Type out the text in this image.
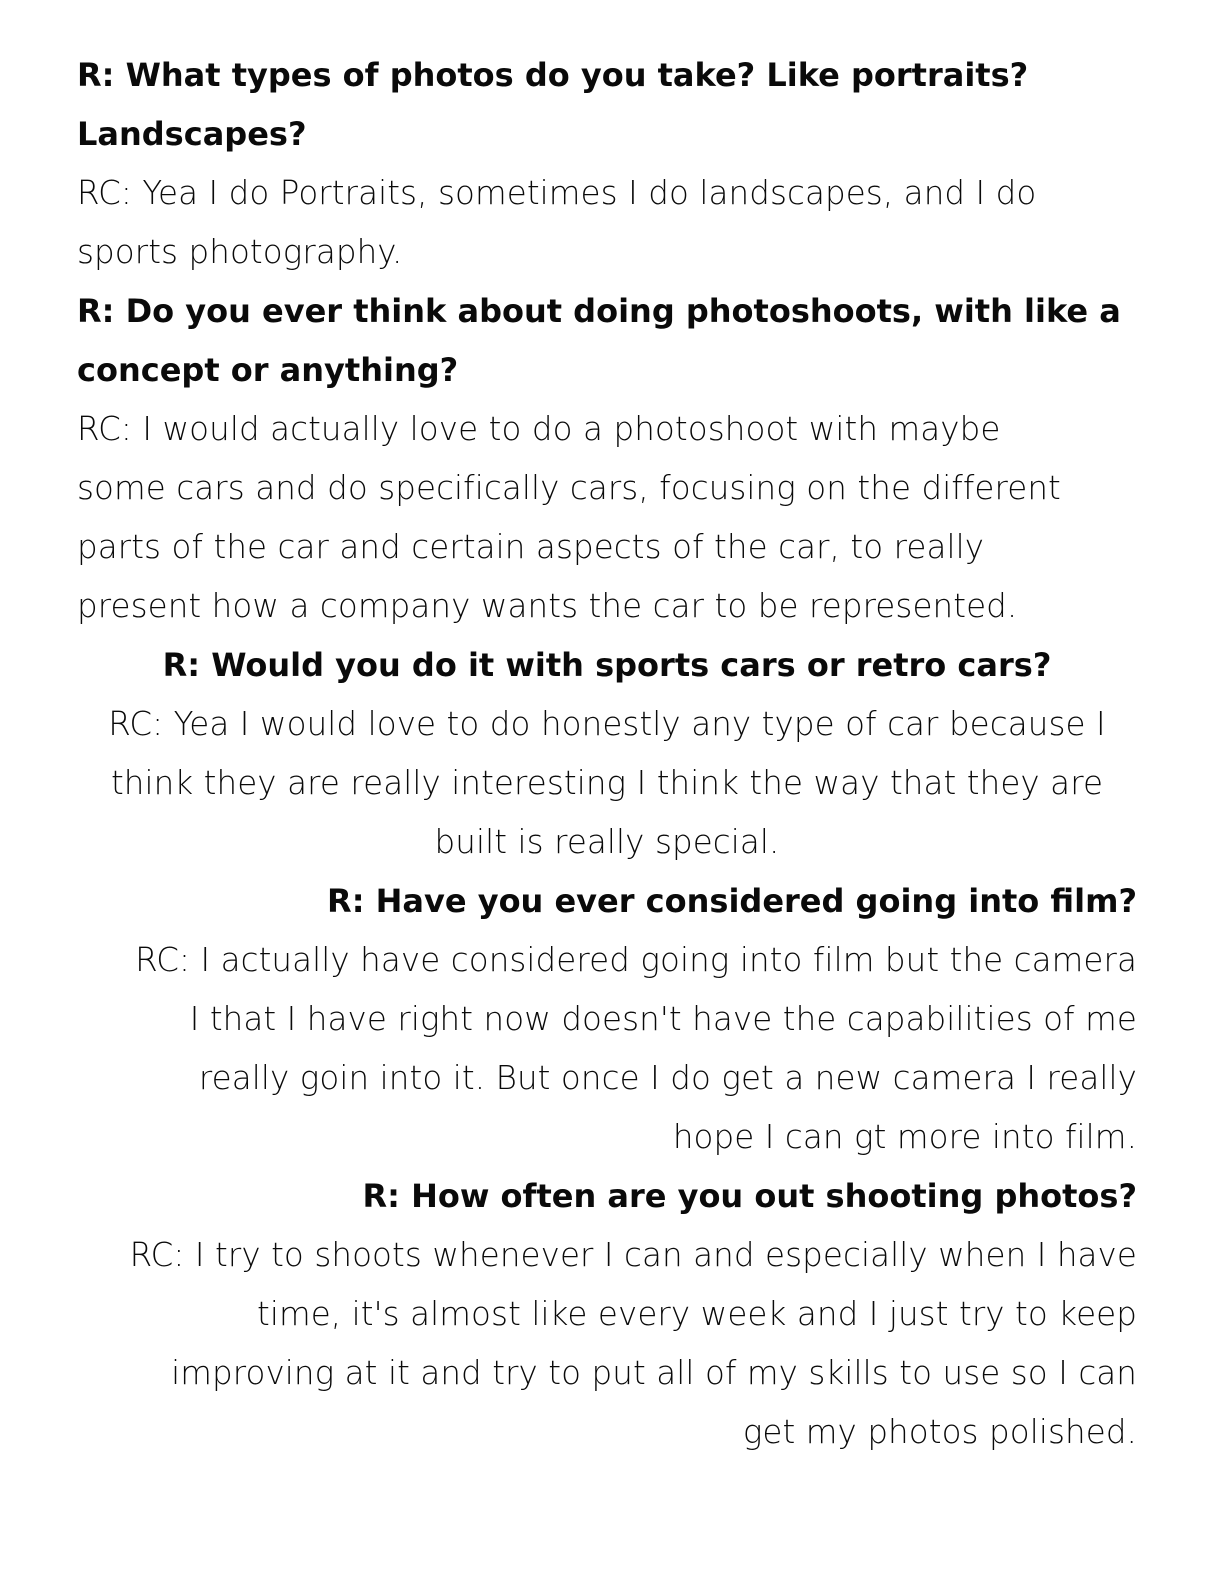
R: What types of photos do you take? Like portraits?
Landscapes?
RC: Yea I do Portraits, sometimes I do landscapes, and I do
sports photography.
R: Do you ever think about doing photoshoots, with like a
concept or anything?
RC: I would actually love to do a photoshoot with maybe
some cars and do specifically cars, focusing on the different
parts of the car and certain aspects of the car, to really
present how a company wants the car to be represented.
R: Would you do it with sports cars or retro cars?
RC: Yea I would love to do honestly any type of car because I
think they are really interesting I think the way that they are
built is really special.
R: Have you ever considered going into film?
RC: I actually have considered going into film but the camera
I that I have right now doesn't have the capabilities of me
really goin into it. But once I do get a new camera I really
hope I can gt more into film.
R: How often are you out shooting photos?
RC: I try to shoots whenever I can and especially when I have
time, it's almost like every week and I just try to keep
improving at it and try to put all of my skills to use so I can
get my photos polished.
